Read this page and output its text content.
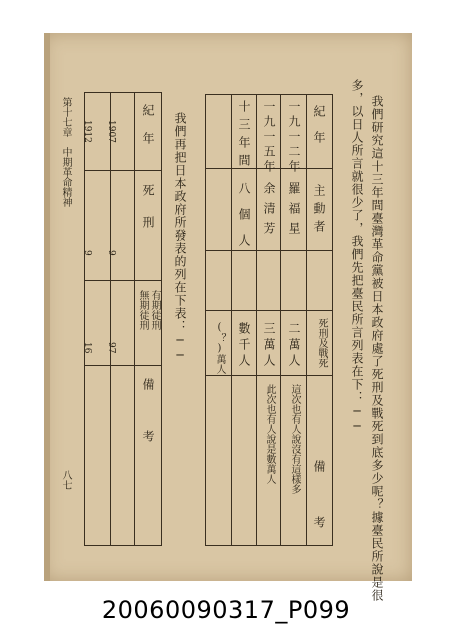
我們研究這十三年間臺灣革命黨被日本政府處了死刑及戰死到底多少呢？據臺民所說是很
多，以日人所言就很少了，我們先把臺民所言列表在下：──
紀年
主動者
死刑及戰死
備考
一九一二年
羅福星
二萬人
這次也有人說沒有這樣多
一九一五年
余清芳
三萬人
此次也有人說是數萬人
十三年間
八個人
數千人
(？)萬人
我們再把日本政府所發表的列在下表：──
紀年
死刑
有期徒刑
無期徒刑
備考
1907
9
97
1912
9
16
第十七章　中期革命精神
八七
20060090317_P099
